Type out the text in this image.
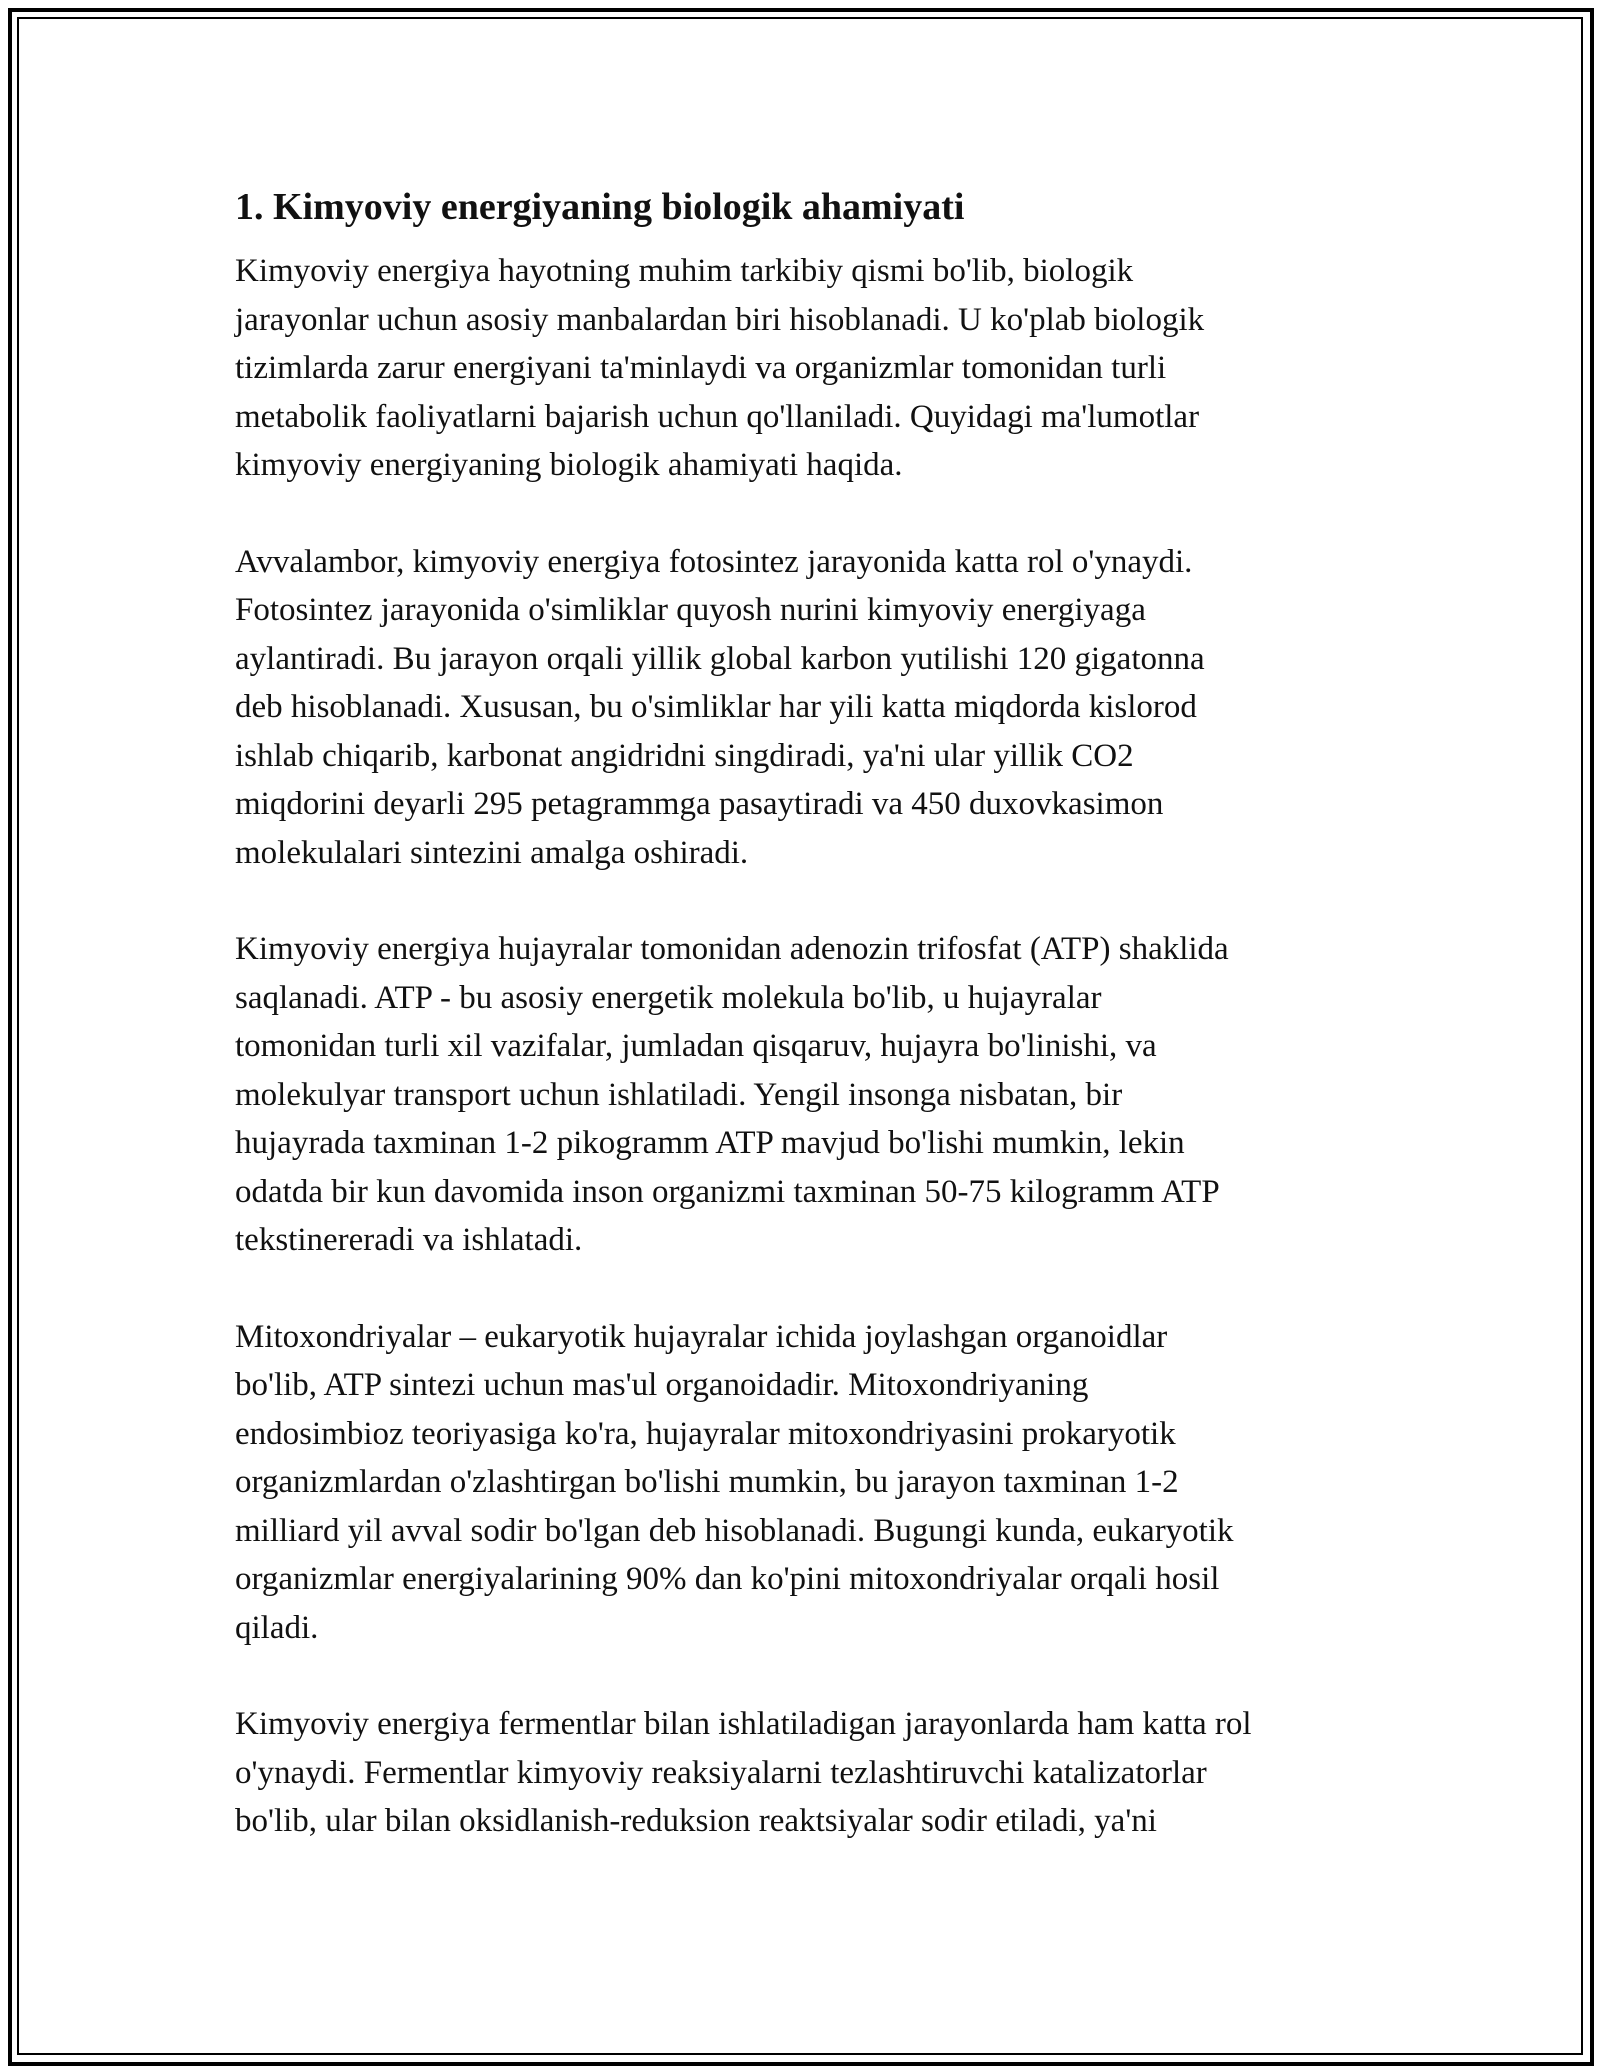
1. Kimyoviy energiyaning biologik ahamiyati
Kimyoviy energiya hayotning muhim tarkibiy qismi bo'lib, biologik
jarayonlar uchun asosiy manbalardan biri hisoblanadi. U ko'plab biologik
tizimlarda zarur energiyani ta'minlaydi va organizmlar tomonidan turli
metabolik faoliyatlarni bajarish uchun qo'llaniladi. Quyidagi ma'lumotlar
kimyoviy energiyaning biologik ahamiyati haqida.
Avvalambor, kimyoviy energiya fotosintez jarayonida katta rol o'ynaydi.
Fotosintez jarayonida o'simliklar quyosh nurini kimyoviy energiyaga
aylantiradi. Bu jarayon orqali yillik global karbon yutilishi 120 gigatonna
deb hisoblanadi. Xususan, bu o'simliklar har yili katta miqdorda kislorod
ishlab chiqarib, karbonat angidridni singdiradi, ya'ni ular yillik CO2
miqdorini deyarli 295 petagrammga pasaytiradi va 450 duxovkasimon
molekulalari sintezini amalga oshiradi.
Kimyoviy energiya hujayralar tomonidan adenozin trifosfat (ATP) shaklida
saqlanadi. ATP - bu asosiy energetik molekula bo'lib, u hujayralar
tomonidan turli xil vazifalar, jumladan qisqaruv, hujayra bo'linishi, va
molekulyar transport uchun ishlatiladi. Yengil insonga nisbatan, bir
hujayrada taxminan 1-2 pikogramm ATP mavjud bo'lishi mumkin, lekin
odatda bir kun davomida inson organizmi taxminan 50-75 kilogramm ATP
tekstinereradi va ishlatadi.
Mitoxondriyalar – eukaryotik hujayralar ichida joylashgan organoidlar
bo'lib, ATP sintezi uchun mas'ul organoidadir. Mitoxondriyaning
endosimbioz teoriyasiga ko'ra, hujayralar mitoxondriyasini prokaryotik
organizmlardan o'zlashtirgan bo'lishi mumkin, bu jarayon taxminan 1-2
milliard yil avval sodir bo'lgan deb hisoblanadi. Bugungi kunda, eukaryotik
organizmlar energiyalarining 90% dan ko'pini mitoxondriyalar orqali hosil
qiladi.
Kimyoviy energiya fermentlar bilan ishlatiladigan jarayonlarda ham katta rol
o'ynaydi. Fermentlar kimyoviy reaksiyalarni tezlashtiruvchi katalizatorlar
bo'lib, ular bilan oksidlanish-reduksion reaktsiyalar sodir etiladi, ya'ni
